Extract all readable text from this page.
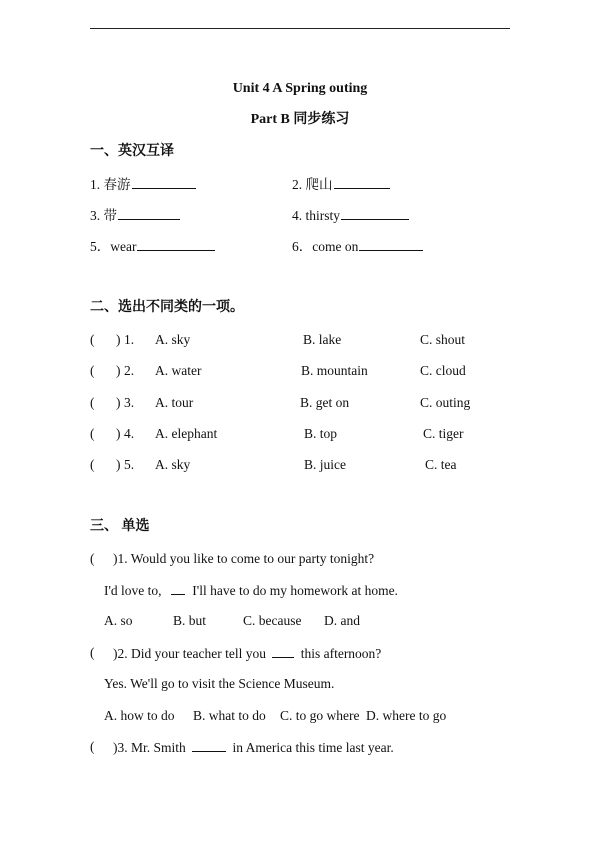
Unit 4 A Spring outing
Part B 同步练习
一、英汉互译
1. 春游	2. 爬山
3. 带	4. thirsty
5．wear	6．come on
二、选出不同类的一项。
( ) 1. A. sky	B. lake	C. shout
( ) 2. A. water	B. mountain	C. cloud
( ) 3. A. tour	B. get on	C. outing
( ) 4. A. elephant	B. top	C. tiger
( ) 5. A. sky	B. juice	C. tea
三、 单选
( )1. Would you like to come to our party tonight?
I'd love to, I'll have to do my homework at home.
A. so	B. but	C. because D. and
( )2. Did your teacher tell you	this afternoon?
Yes. We'll go to visit the Science Museum.
A. how to do B. what to do C. to go where D. where to go
( )3. Mr. Smith	in America this time last year.
